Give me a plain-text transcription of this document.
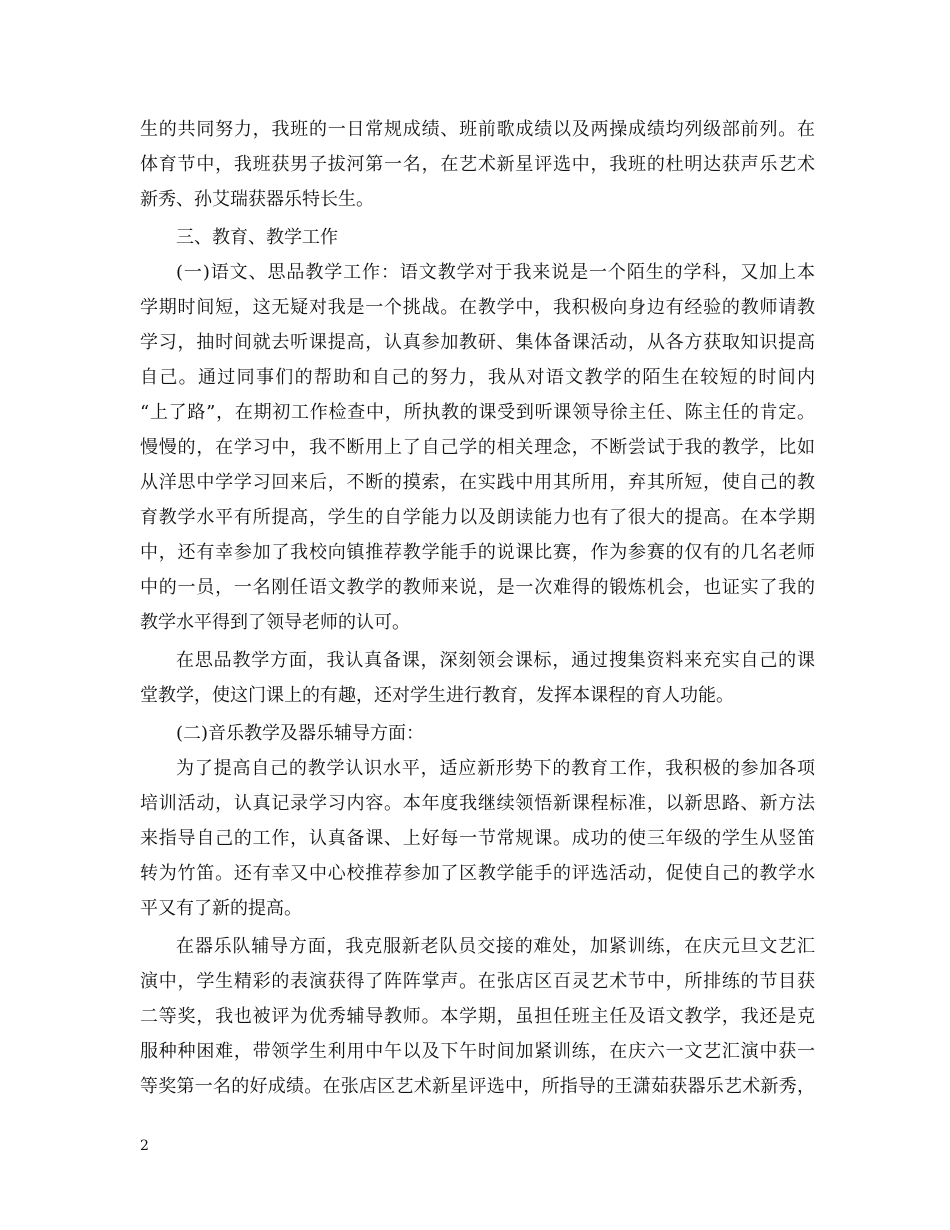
生的共同努力，我班的一日常规成绩、班前歌成绩以及两操成绩均列级部前列。在
体育节中，我班获男子拔河第一名，在艺术新星评选中，我班的杜明达获声乐艺术
新秀、孙艾瑞获器乐特长生。
三、教育、教学工作
(一)语文、思品教学工作：语文教学对于我来说是一个陌生的学科，又加上本
学期时间短，这无疑对我是一个挑战。在教学中，我积极向身边有经验的教师请教
学习，抽时间就去听课提高，认真参加教研、集体备课活动，从各方获取知识提高
自己。通过同事们的帮助和自己的努力，我从对语文教学的陌生在较短的时间内
“上了路”，在期初工作检查中，所执教的课受到听课领导徐主任、陈主任的肯定。
慢慢的，在学习中，我不断用上了自己学的相关理念，不断尝试于我的教学，比如
从洋思中学学习回来后，不断的摸索，在实践中用其所用，弃其所短，使自己的教
育教学水平有所提高，学生的自学能力以及朗读能力也有了很大的提高。在本学期
中，还有幸参加了我校向镇推荐教学能手的说课比赛，作为参赛的仅有的几名老师
中的一员，一名刚任语文教学的教师来说，是一次难得的锻炼机会，也证实了我的
教学水平得到了领导老师的认可。
在思品教学方面，我认真备课，深刻领会课标，通过搜集资料来充实自己的课
堂教学，使这门课上的有趣，还对学生进行教育，发挥本课程的育人功能。
(二)音乐教学及器乐辅导方面：
为了提高自己的教学认识水平，适应新形势下的教育工作，我积极的参加各项
培训活动，认真记录学习内容。本年度我继续领悟新课程标准，以新思路、新方法
来指导自己的工作，认真备课、上好每一节常规课。成功的使三年级的学生从竖笛
转为竹笛。还有幸又中心校推荐参加了区教学能手的评选活动，促使自己的教学水
平又有了新的提高。
在器乐队辅导方面，我克服新老队员交接的难处，加紧训练，在庆元旦文艺汇
演中，学生精彩的表演获得了阵阵掌声。在张店区百灵艺术节中，所排练的节目获
二等奖，我也被评为优秀辅导教师。本学期，虽担任班主任及语文教学，我还是克
服种种困难，带领学生利用中午以及下午时间加紧训练，在庆六一文艺汇演中获一
等奖第一名的好成绩。在张店区艺术新星评选中，所指导的王潇茹获器乐艺术新秀，
2
